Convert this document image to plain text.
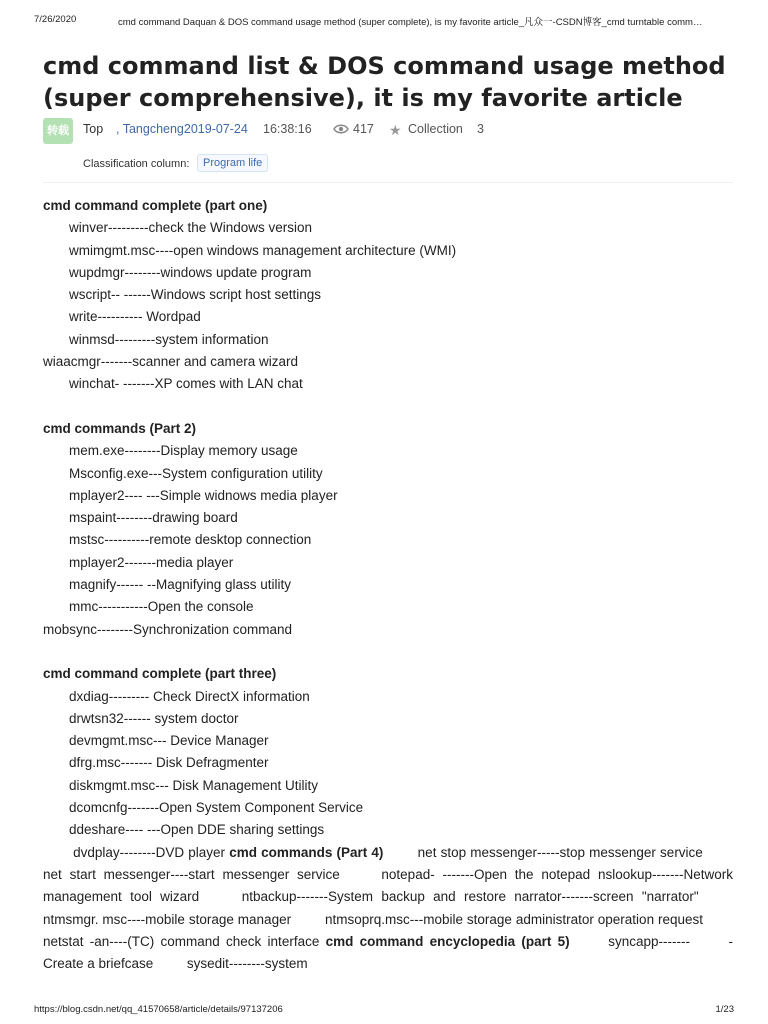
7/26/2020	cmd command Daquan & DOS command usage method (super complete), is my favorite article_凡众一-CSDN博客_cmd turntable comm…
cmd command list & DOS command usage method (super comprehensive), it is my favorite article
转载	Top , Tangcheng2019-07-24 16:38:16	417 ★ Collection 3
Classification column:	Program life
cmd command complete (part one)
winver---------check the Windows version
wmimgmt.msc----open windows management architecture (WMI)
wupdmgr--------windows update program
wscript-- ------Windows script host settings
write---------- Wordpad
winmsd---------system information
wiaacmgr-------scanner and camera wizard
winchat- -------XP comes with LAN chat
cmd commands (Part 2)
mem.exe--------Display memory usage
Msconfig.exe---System configuration utility
mplayer2---- ---Simple widnows media player
mspaint--------drawing board
mstsc----------remote desktop connection
mplayer2-------media player
magnify------ --Magnifying glass utility
mmc-----------Open the console
mobsync--------Synchronization command
cmd command complete (part three)
dxdiag--------- Check DirectX information
drwtsn32------ system doctor
devmgmt.msc--- Device Manager
dfrg.msc------- Disk Defragmenter
diskmgmt.msc--- Disk Management Utility
dcomcnfg-------Open System Component Service
ddeshare---- ---Open DDE sharing settings
dvdplay--------DVD player cmd commands (Part 4)	net stop messenger-----stop messenger service  net start messenger----start messenger service	notepad- -------Open the notepad nslookup-------Network management tool wizard	ntbackup-------System backup and restore narrator-------screen "narrator"  ntmsmgr. msc----mobile storage manager	ntmsoprq.msc---mobile storage administrator operation request  netstat -an----(TC) command check interface cmd command encyclopedia (part 5)	syncapp-------	-Create a briefcase sysedit--------system
https://blog.csdn.net/qq_41570658/article/details/97137206	1/23
